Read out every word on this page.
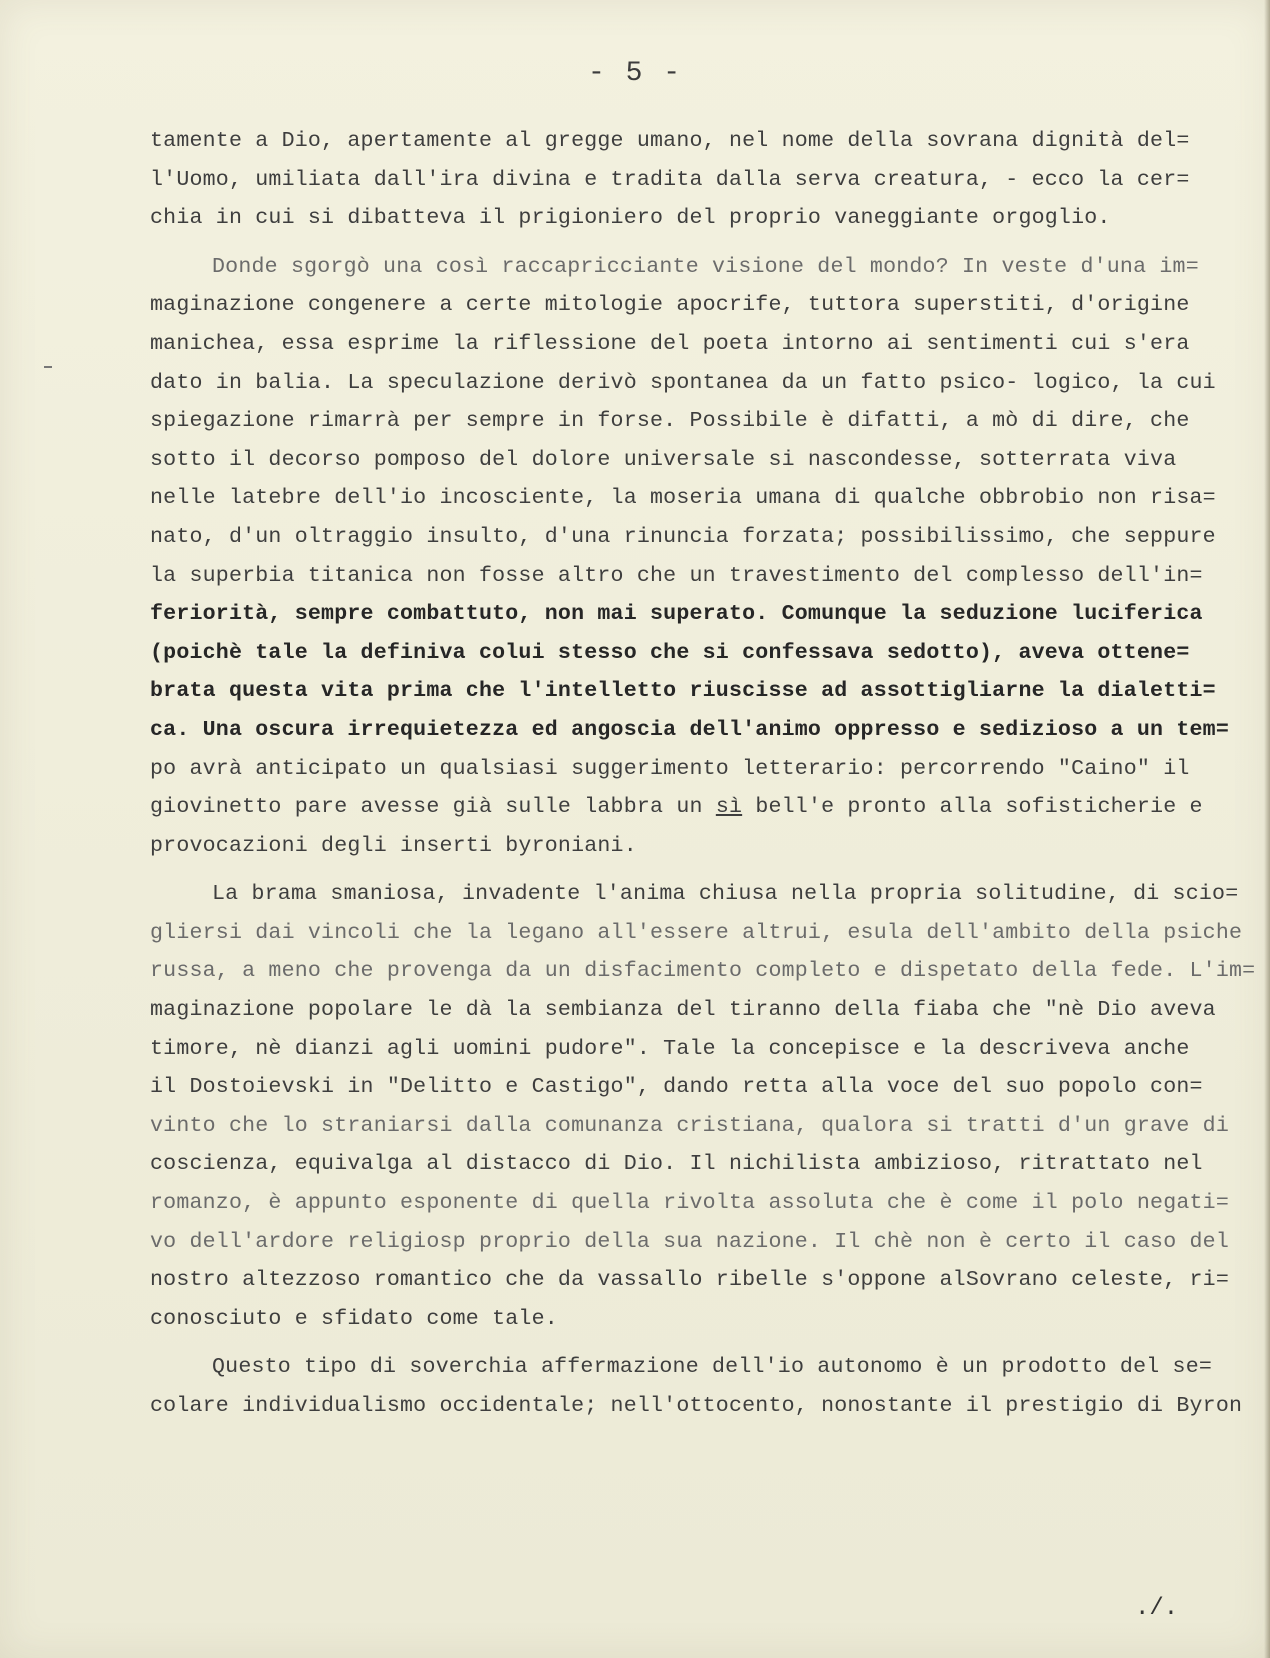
- 5 -
tamente a Dio, apertamente al gregge umano, nel nome della sovrana dignità del=
l'Uomo, umiliata dall'ira divina e tradita dalla serva creatura, - ecco la cer=
chia in cui si dibatteva il prigioniero del proprio vaneggiante orgoglio.
Donde sgorgò una così raccapricciante visione del mondo? In veste d'una im=
maginazione congenere a certe mitologie apocrife, tuttora superstiti, d'origine
manichea, essa esprime la riflessione del poeta intorno ai sentimenti cui s'era
dato in balia. La speculazione derivò spontanea da un fatto psico- logico, la cui
spiegazione rimarrà per sempre in forse. Possibile è difatti, a mò di dire, che
sotto il decorso pomposo del dolore universale si nascondesse, sotterrata viva
nelle latebre dell'io incosciente, la moseria umana di qualche obbrobio non risa=
nato, d'un oltraggio insulto, d'una rinuncia forzata; possibilissimo, che seppure
la superbia titanica non fosse altro che un travestimento del complesso dell'in=
feriorità, sempre combattuto, non mai superato. Comunque la seduzione luciferica
(poichè tale la definiva colui stesso che si confessava sedotto), aveva ottene=
brata questa vita prima che l'intelletto riuscisse ad assottigliarne la dialetti=
ca. Una oscura irrequietezza ed angoscia dell'animo oppresso e sedizioso a un tem=
po avrà anticipato un qualsiasi suggerimento letterario: percorrendo "Caino" il
giovinetto pare avesse già sulle labbra un sì bell'e pronto alla sofisticherie e
provocazioni degli inserti byroniani.
La brama smaniosa, invadente l'anima chiusa nella propria solitudine, di scio=
gliersi dai vincoli che la legano all'essere altrui, esula dell'ambito della psiche
russa, a meno che provenga da un disfacimento completo e dispetato della fede. L'im=
maginazione popolare le dà la sembianza del tiranno della fiaba che "nè Dio aveva
timore, nè dianzi agli uomini pudore". Tale la concepisce e la descriveva anche
il Dostoievski in "Delitto e Castigo", dando retta alla voce del suo popolo con=
vinto che lo straniarsi dalla comunanza cristiana, qualora si tratti d'un grave di
coscienza, equivalga al distacco di Dio. Il nichilista ambizioso, ritrattato nel
romanzo, è appunto esponente di quella rivolta assoluta che è come il polo negati=
vo dell'ardore religiosp proprio della sua nazione. Il chè non è certo il caso del
nostro altezzoso romantico che da vassallo ribelle s'oppone alSovrano celeste, ri=
conosciuto e sfidato come tale.
Questo tipo di soverchia affermazione dell'io autonomo è un prodotto del se=
colare individualismo occidentale; nell'ottocento, nonostante il prestigio di Byron
./.
